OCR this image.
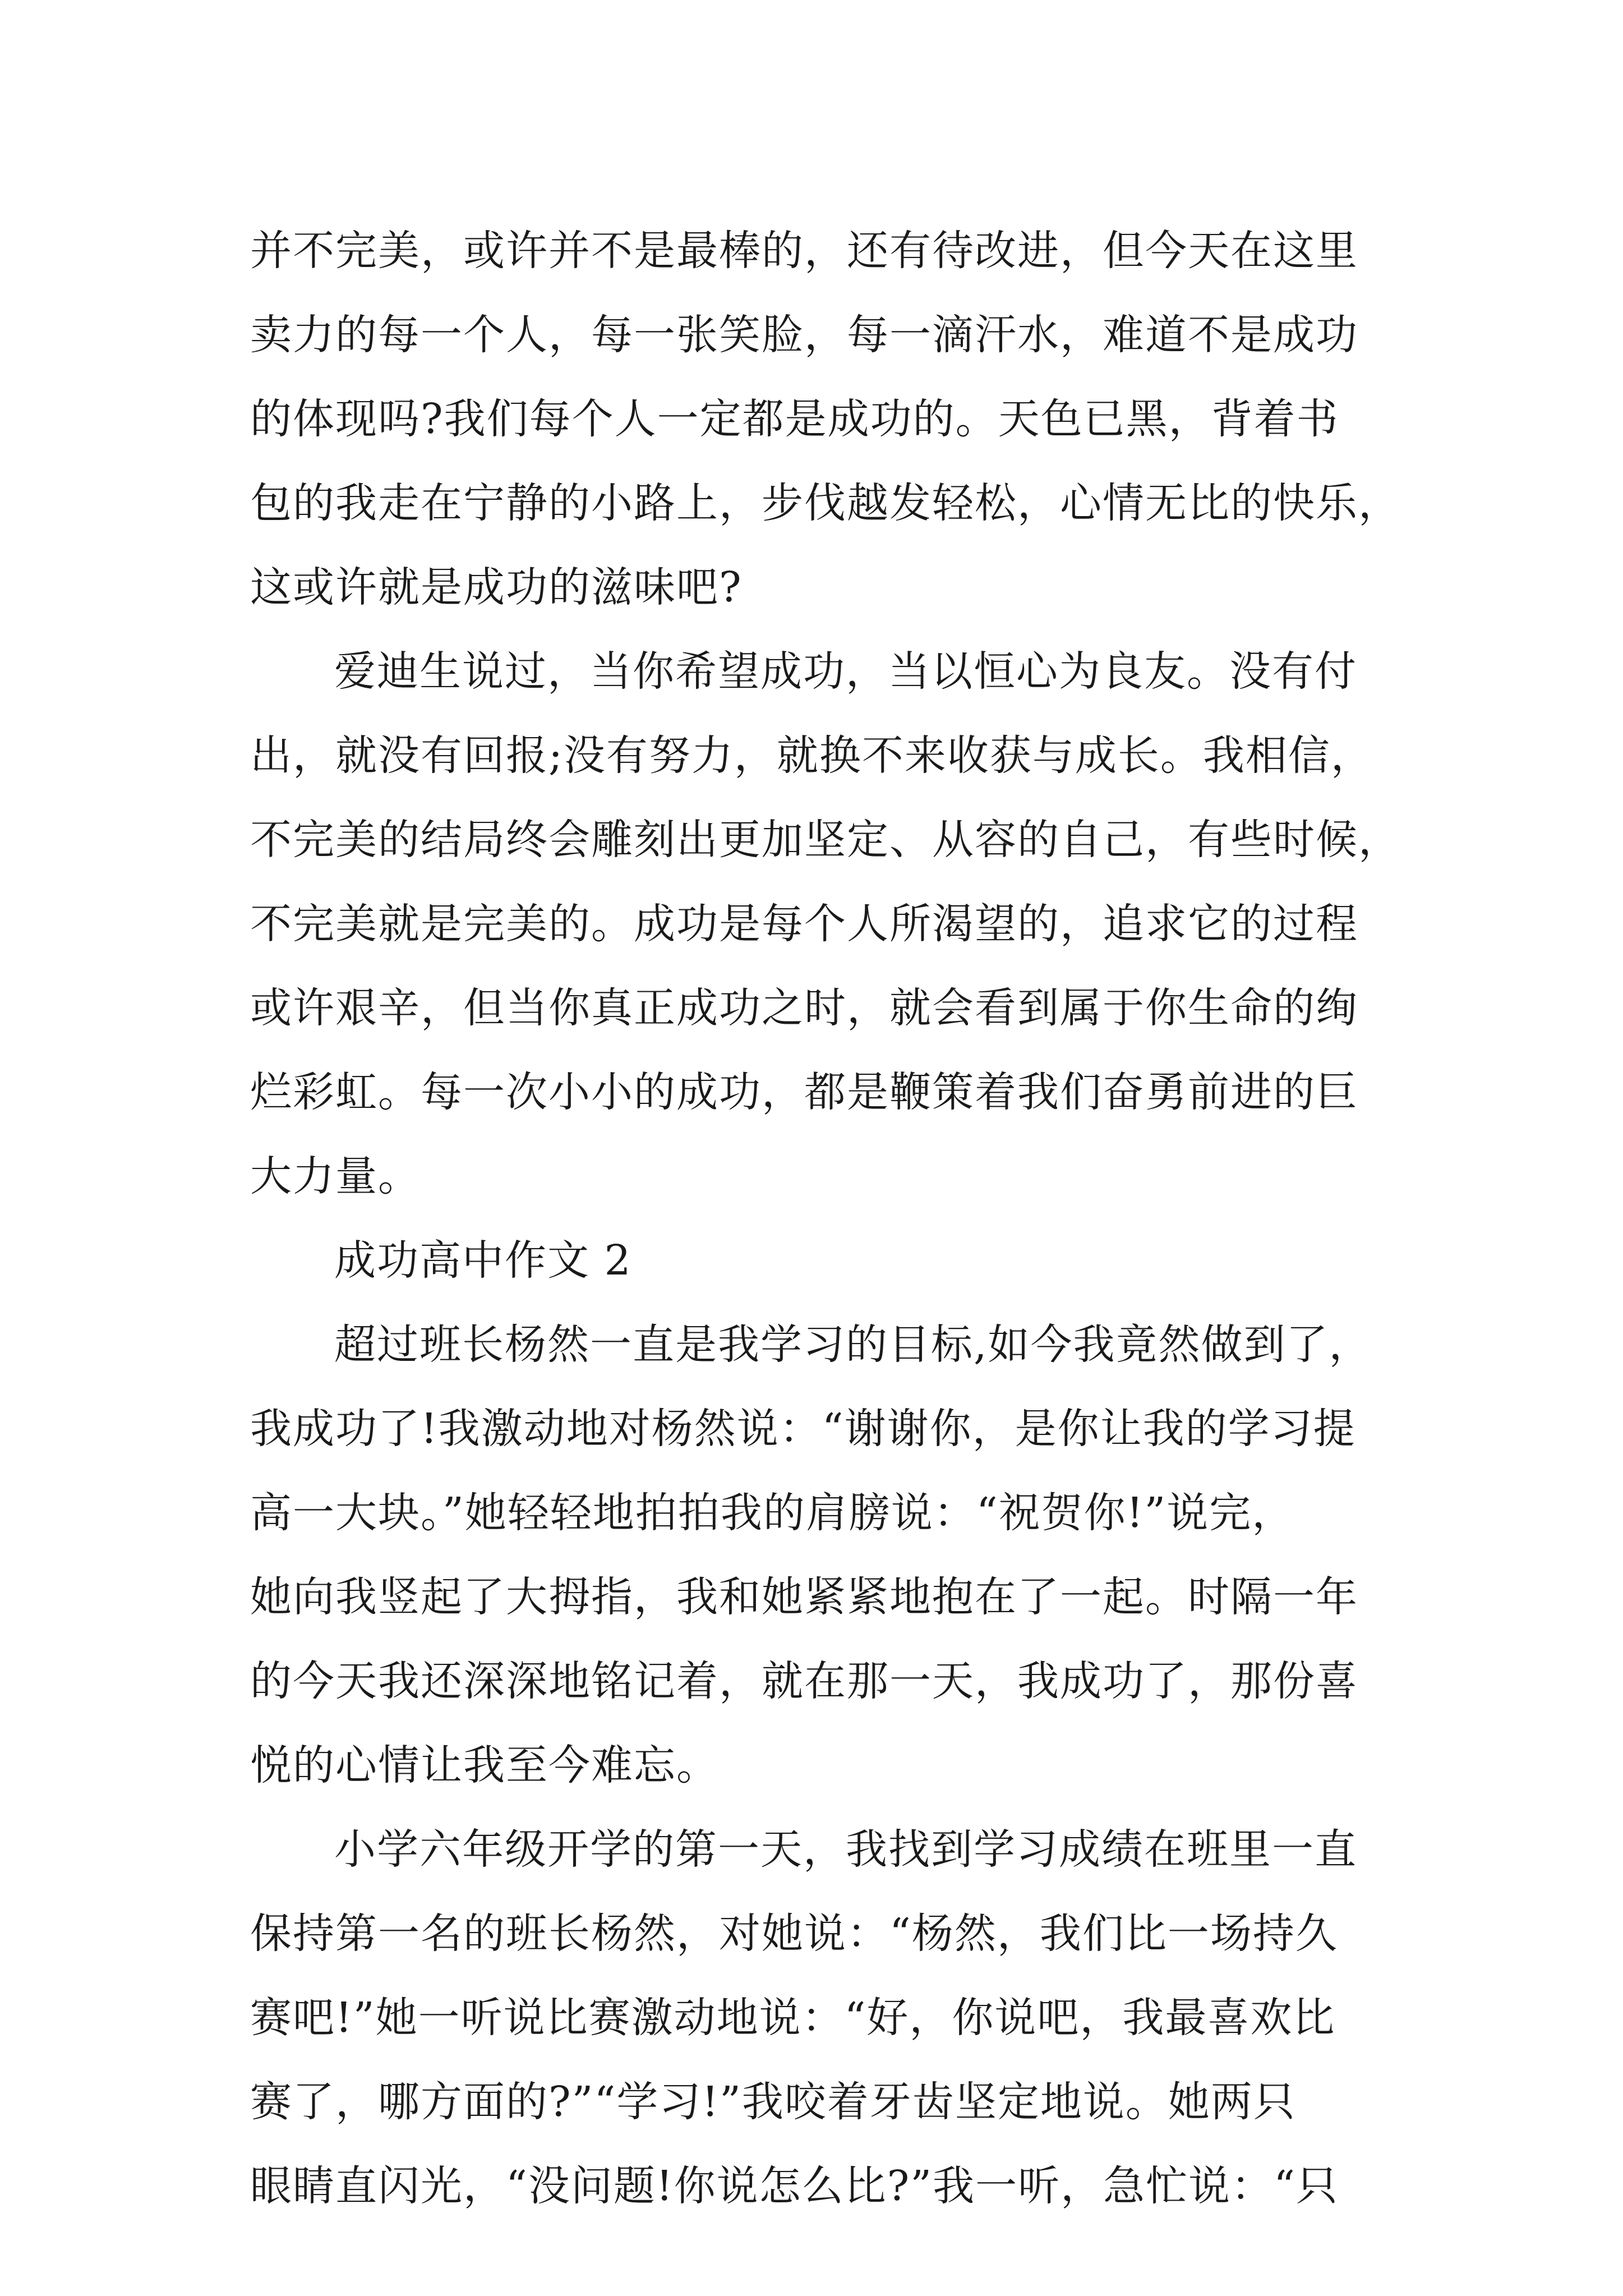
并不完美，或许并不是最棒的，还有待改进，但今天在这里
卖力的每一个人，每一张笑脸，每一滴汗水，难道不是成功
的体现吗?我们每个人一定都是成功的。天色已黑，背着书
包的我走在宁静的小路上，步伐越发轻松，心情无比的快乐，
这或许就是成功的滋味吧?
爱迪生说过，当你希望成功，当以恒心为良友。没有付
出，就没有回报;没有努力，就换不来收获与成长。我相信，
不完美的结局终会雕刻出更加坚定、从容的自己，有些时候，
不完美就是完美的。成功是每个人所渴望的，追求它的过程
或许艰辛，但当你真正成功之时，就会看到属于你生命的绚
烂彩虹。每一次小小的成功，都是鞭策着我们奋勇前进的巨
大力量。
成功高中作文 2
超过班长杨然一直是我学习的目标,如今我竟然做到了，
我成功了!我激动地对杨然说：“谢谢你，是你让我的学习提
高一大块。”她轻轻地拍拍我的肩膀说：“祝贺你!”说完，
她向我竖起了大拇指，我和她紧紧地抱在了一起。时隔一年
的今天我还深深地铭记着，就在那一天，我成功了，那份喜
悦的心情让我至今难忘。
小学六年级开学的第一天，我找到学习成绩在班里一直
保持第一名的班长杨然，对她说：“杨然，我们比一场持久
赛吧!”她一听说比赛激动地说：“好，你说吧，我最喜欢比
赛了，哪方面的?”“学习!”我咬着牙齿坚定地说。她两只
眼睛直闪光，“没问题!你说怎么比?”我一听，急忙说：“只
